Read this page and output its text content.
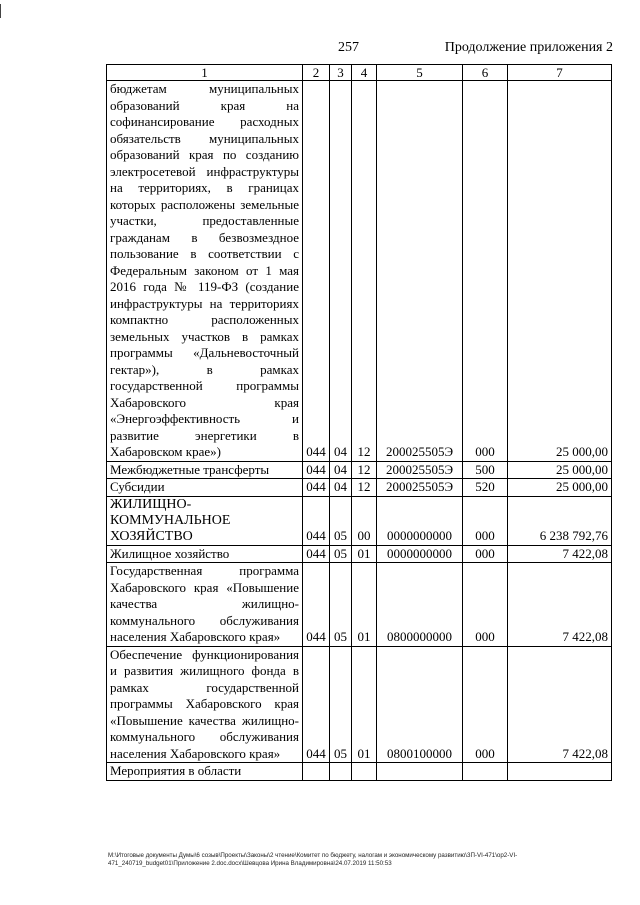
257	Продолжение приложения 2
1	2	3	4	5	6	7
бюджетам муниципальных образований края на софинансирование расходных обязательств муниципальных образований края по созданию электросетевой инфраструктуры на территориях, в границах которых расположены земельные участки, предоставленные гражданам в безвозмездное пользование в соответствии с Федеральным законом от 1 мая 2016 года № 119-ФЗ (создание инфраструктуры на территориях компактно расположенных земельных участков в рамках программы «Дальневосточный гектар»), в рамках государственной программы Хабаровского края «Энергоэффективность и развитие энергетики в Хабаровском крае»)	044	04	12	200025505Э	000	25 000,00
Межбюджетные трансферты	044	04	12	200025505Э	500	25 000,00
Субсидии	044	04	12	200025505Э	520	25 000,00
ЖИЛИЩНО-КОММУНАЛЬНОЕ ХОЗЯЙСТВО	044	05	00	0000000000	000	6 238 792,76
Жилищное хозяйство	044	05	01	0000000000	000	7 422,08
Государственная программа Хабаровского края «Повышение качества жилищно-коммунального обслуживания населения Хабаровского края»	044	05	01	0800000000	000	7 422,08
Обеспечение функционирования и развития жилищного фонда в рамках государственной программы Хабаровского края «Повышение качества жилищно-коммунального обслуживания населения Хабаровского края»	044	05	01	0800100000	000	7 422,08
Мероприятия в области						
M:\Итоговые документы Думы\6 созыв\Проекты\Законы\2 чтение\Комитет по бюджету, налогам и экономическому развитию\3П-VI-471\ор2-VI-471_240719_budget01\Приложение 2.doc.docx\Шевцова Ирина Владимировна\24.07.2019 11:50:53
